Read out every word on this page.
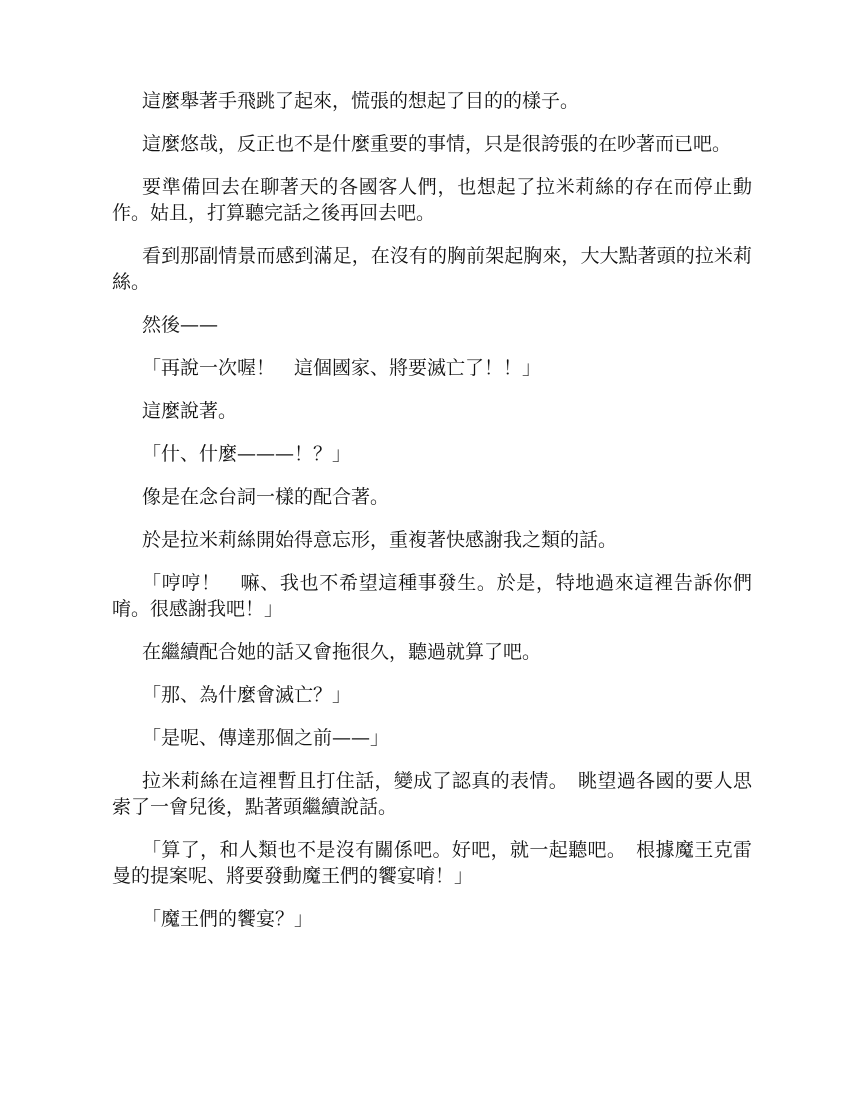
這麼舉著手飛跳了起來，慌張的想起了目的的樣子。

這麼悠哉，反正也不是什麼重要的事情，只是很誇張的在吵著而已吧。

要準備回去在聊著天的各國客人們，也想起了拉米莉絲的存在而停止動作。姑且，打算聽完話之後再回去吧。

看到那副情景而感到滿足，在沒有的胸前架起胸來，大大點著頭的拉米莉絲。

然後——

「再說一次喔！　這個國家、將要滅亡了！！」

這麼說著。

「什、什麼———！？」

像是在念台詞一樣的配合著。

於是拉米莉絲開始得意忘形，重複著快感謝我之類的話。

「哼哼！　嘛、我也不希望這種事發生。於是，特地過來這裡告訴你們唷。很感謝我吧！」

在繼續配合她的話又會拖很久，聽過就算了吧。

「那、為什麼會滅亡？」

「是呢、傳達那個之前——」

拉米莉絲在這裡暫且打住話，變成了認真的表情。　眺望過各國的要人思索了一會兒後，點著頭繼續說話。

「算了，和人類也不是沒有關係吧。好吧，就一起聽吧。　根據魔王克雷曼的提案呢、將要發動魔王們的饗宴唷！」

「魔王們的饗宴？」
